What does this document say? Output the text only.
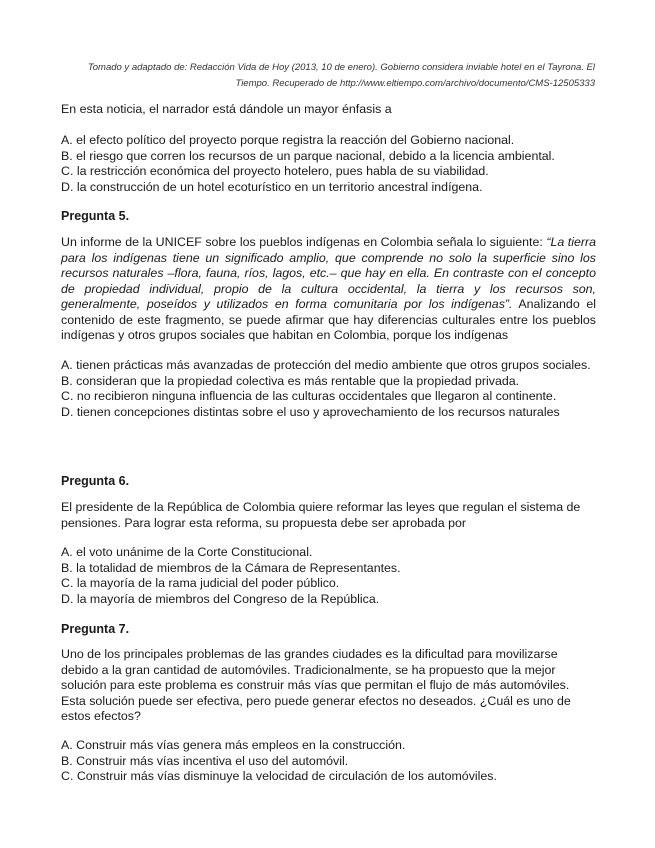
Tomado y adaptado de: Redacción Vida de Hoy (2013, 10 de enero). Gobierno considera inviable hotel en el Tayrona. El
Tiempo. Recuperado de http://www.eltiempo.com/archivo/documento/CMS-12505333
En esta noticia, el narrador está dándole un mayor énfasis a
A. el efecto político del proyecto porque registra la reacción del Gobierno nacional.
B. el riesgo que corren los recursos de un parque nacional, debido a la licencia ambiental.
C. la restricción económica del proyecto hotelero, pues habla de su viabilidad.
D. la construcción de un hotel ecoturístico en un territorio ancestral indígena.
Pregunta 5.
Un informe de la UNICEF sobre los pueblos indígenas en Colombia señala lo siguiente: “La tierra para los indígenas tiene un significado amplio, que comprende no solo la superficie sino los recursos naturales –flora, fauna, ríos, lagos, etc.– que hay en ella. En contraste con el concepto de propiedad individual, propio de la cultura occidental, la tierra y los recursos son, generalmente, poseídos y utilizados en forma comunitaria por los indígenas”. Analizando el contenido de este fragmento, se puede afirmar que hay diferencias culturales entre los pueblos indígenas y otros grupos sociales que habitan en Colombia, porque los indígenas
A. tienen prácticas más avanzadas de protección del medio ambiente que otros grupos sociales.
B. consideran que la propiedad colectiva es más rentable que la propiedad privada.
C. no recibieron ninguna influencia de las culturas occidentales que llegaron al continente.
D. tienen concepciones distintas sobre el uso y aprovechamiento de los recursos naturales
Pregunta 6.
El presidente de la República de Colombia quiere reformar las leyes que regulan el sistema de pensiones. Para lograr esta reforma, su propuesta debe ser aprobada por
A. el voto unánime de la Corte Constitucional.
B. la totalidad de miembros de la Cámara de Representantes.
C. la mayoría de la rama judicial del poder público.
D. la mayoría de miembros del Congreso de la República.
Pregunta 7.
Uno de los principales problemas de las grandes ciudades es la dificultad para movilizarse debido a la gran cantidad de automóviles. Tradicionalmente, se ha propuesto que la mejor solución para este problema es construir más vías que permitan el flujo de más automóviles. Esta solución puede ser efectiva, pero puede generar efectos no deseados. ¿Cuál es uno de estos efectos?
A. Construir más vías genera más empleos en la construcción.
B. Construir más vías incentiva el uso del automóvil.
C. Construir más vías disminuye la velocidad de circulación de los automóviles.
